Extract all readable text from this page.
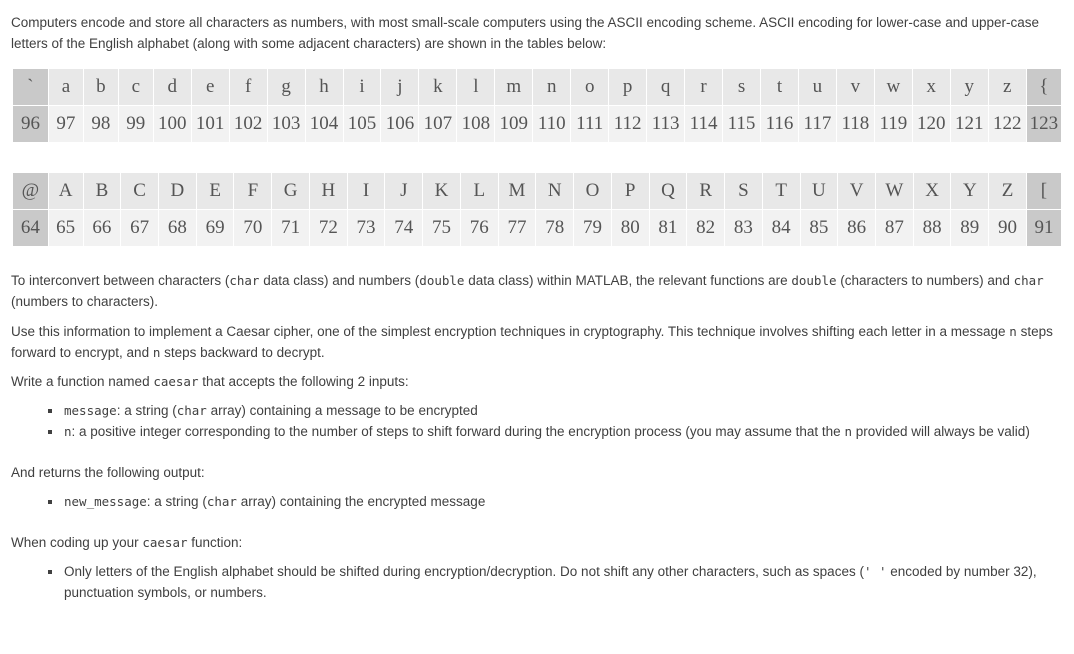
Computers encode and store all characters as numbers, with most small-scale computers using the ASCII encoding scheme. ASCII encoding for lower-case and upper-case letters of the English alphabet (along with some adjacent characters) are shown in the tables below:

`	a	b	c	d	e	f	g	h	i	j	k	l	m	n	o	p	q	r	s	t	u	v	w	x	y	z	{
96	97	98	99	100	101	102	103	104	105	106	107	108	109	110	111	112	113	114	115	116	117	118	119	120	121	122	123
@	A	B	C	D	E	F	G	H	I	J	K	L	M	N	O	P	Q	R	S	T	U	V	W	X	Y	Z	[
64	65	66	67	68	69	70	71	72	73	74	75	76	77	78	79	80	81	82	83	84	85	86	87	88	89	90	91

To interconvert between characters (char data class) and numbers (double data class) within MATLAB, the relevant functions are double (characters to numbers) and char (numbers to characters).

Use this information to implement a Caesar cipher, one of the simplest encryption techniques in cryptography. This technique involves shifting each letter in a message n steps forward to encrypt, and n steps backward to decrypt.

Write a function named caesar that accepts the following 2 inputs:

message: a string (char array) containing a message to be encrypted
n: a positive integer corresponding to the number of steps to shift forward during the encryption process (you may assume that the n provided will always be valid)

And returns the following output:

new_message: a string (char array) containing the encrypted message

When coding up your caesar function:

Only letters of the English alphabet should be shifted during encryption/decryption. Do not shift any other characters, such as spaces (' ' encoded by number 32), punctuation symbols, or numbers.
